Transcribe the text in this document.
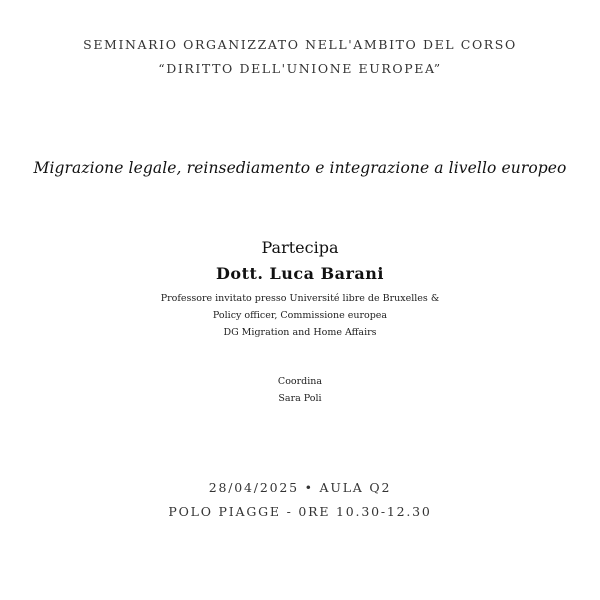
SEMINARIO ORGANIZZATO NELL'AMBITO DEL CORSO
“DIRITTO DELL'UNIONE EUROPEA”
Migrazione legale, reinsediamento e integrazione a livello europeo
Partecipa
Dott. Luca Barani
Professore invitato presso Université libre de Bruxelles &
Policy officer, Commissione europea
DG Migration and Home Affairs
Coordina
Sara Poli
28/04/2025 • AULA Q2
POLO PIAGGE - 0RE 10.30-12.30
